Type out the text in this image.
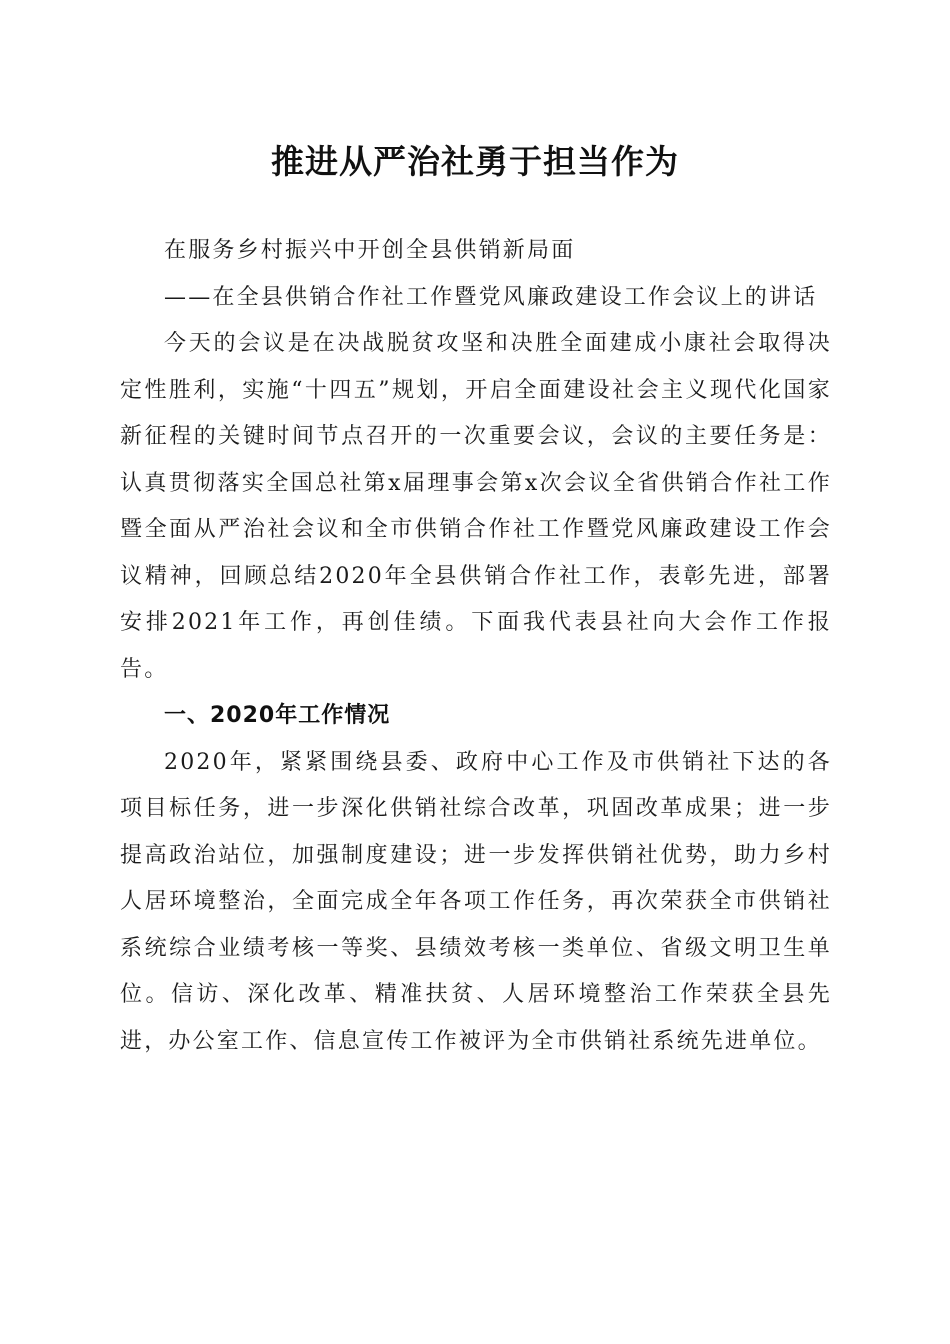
推进从严治社勇于担当作为

在服务乡村振兴中开创全县供销新局面

——在全县供销合作社工作暨党风廉政建设工作会议上的讲话

今天的会议是在决战脱贫攻坚和决胜全面建成小康社会取得决定性胜利，实施“十四五”规划，开启全面建设社会主义现代化国家新征程的关键时间节点召开的一次重要会议，会议的主要任务是：认真贯彻落实全国总社第x届理事会第x次会议全省供销合作社工作暨全面从严治社会议和全市供销合作社工作暨党风廉政建设工作会议精神，回顾总结2020年全县供销合作社工作，表彰先进，部署安排2021年工作，再创佳绩。下面我代表县社向大会作工作报告。

一、2020年工作情况

2020年，紧紧围绕县委、政府中心工作及市供销社下达的各项目标任务，进一步深化供销社综合改革，巩固改革成果；进一步提高政治站位，加强制度建设；进一步发挥供销社优势，助力乡村人居环境整治，全面完成全年各项工作任务，再次荣获全市供销社系统综合业绩考核一等奖、县绩效考核一类单位、省级文明卫生单位。信访、深化改革、精准扶贫、人居环境整治工作荣获全县先进，办公室工作、信息宣传工作被评为全市供销社系统先进单位。
